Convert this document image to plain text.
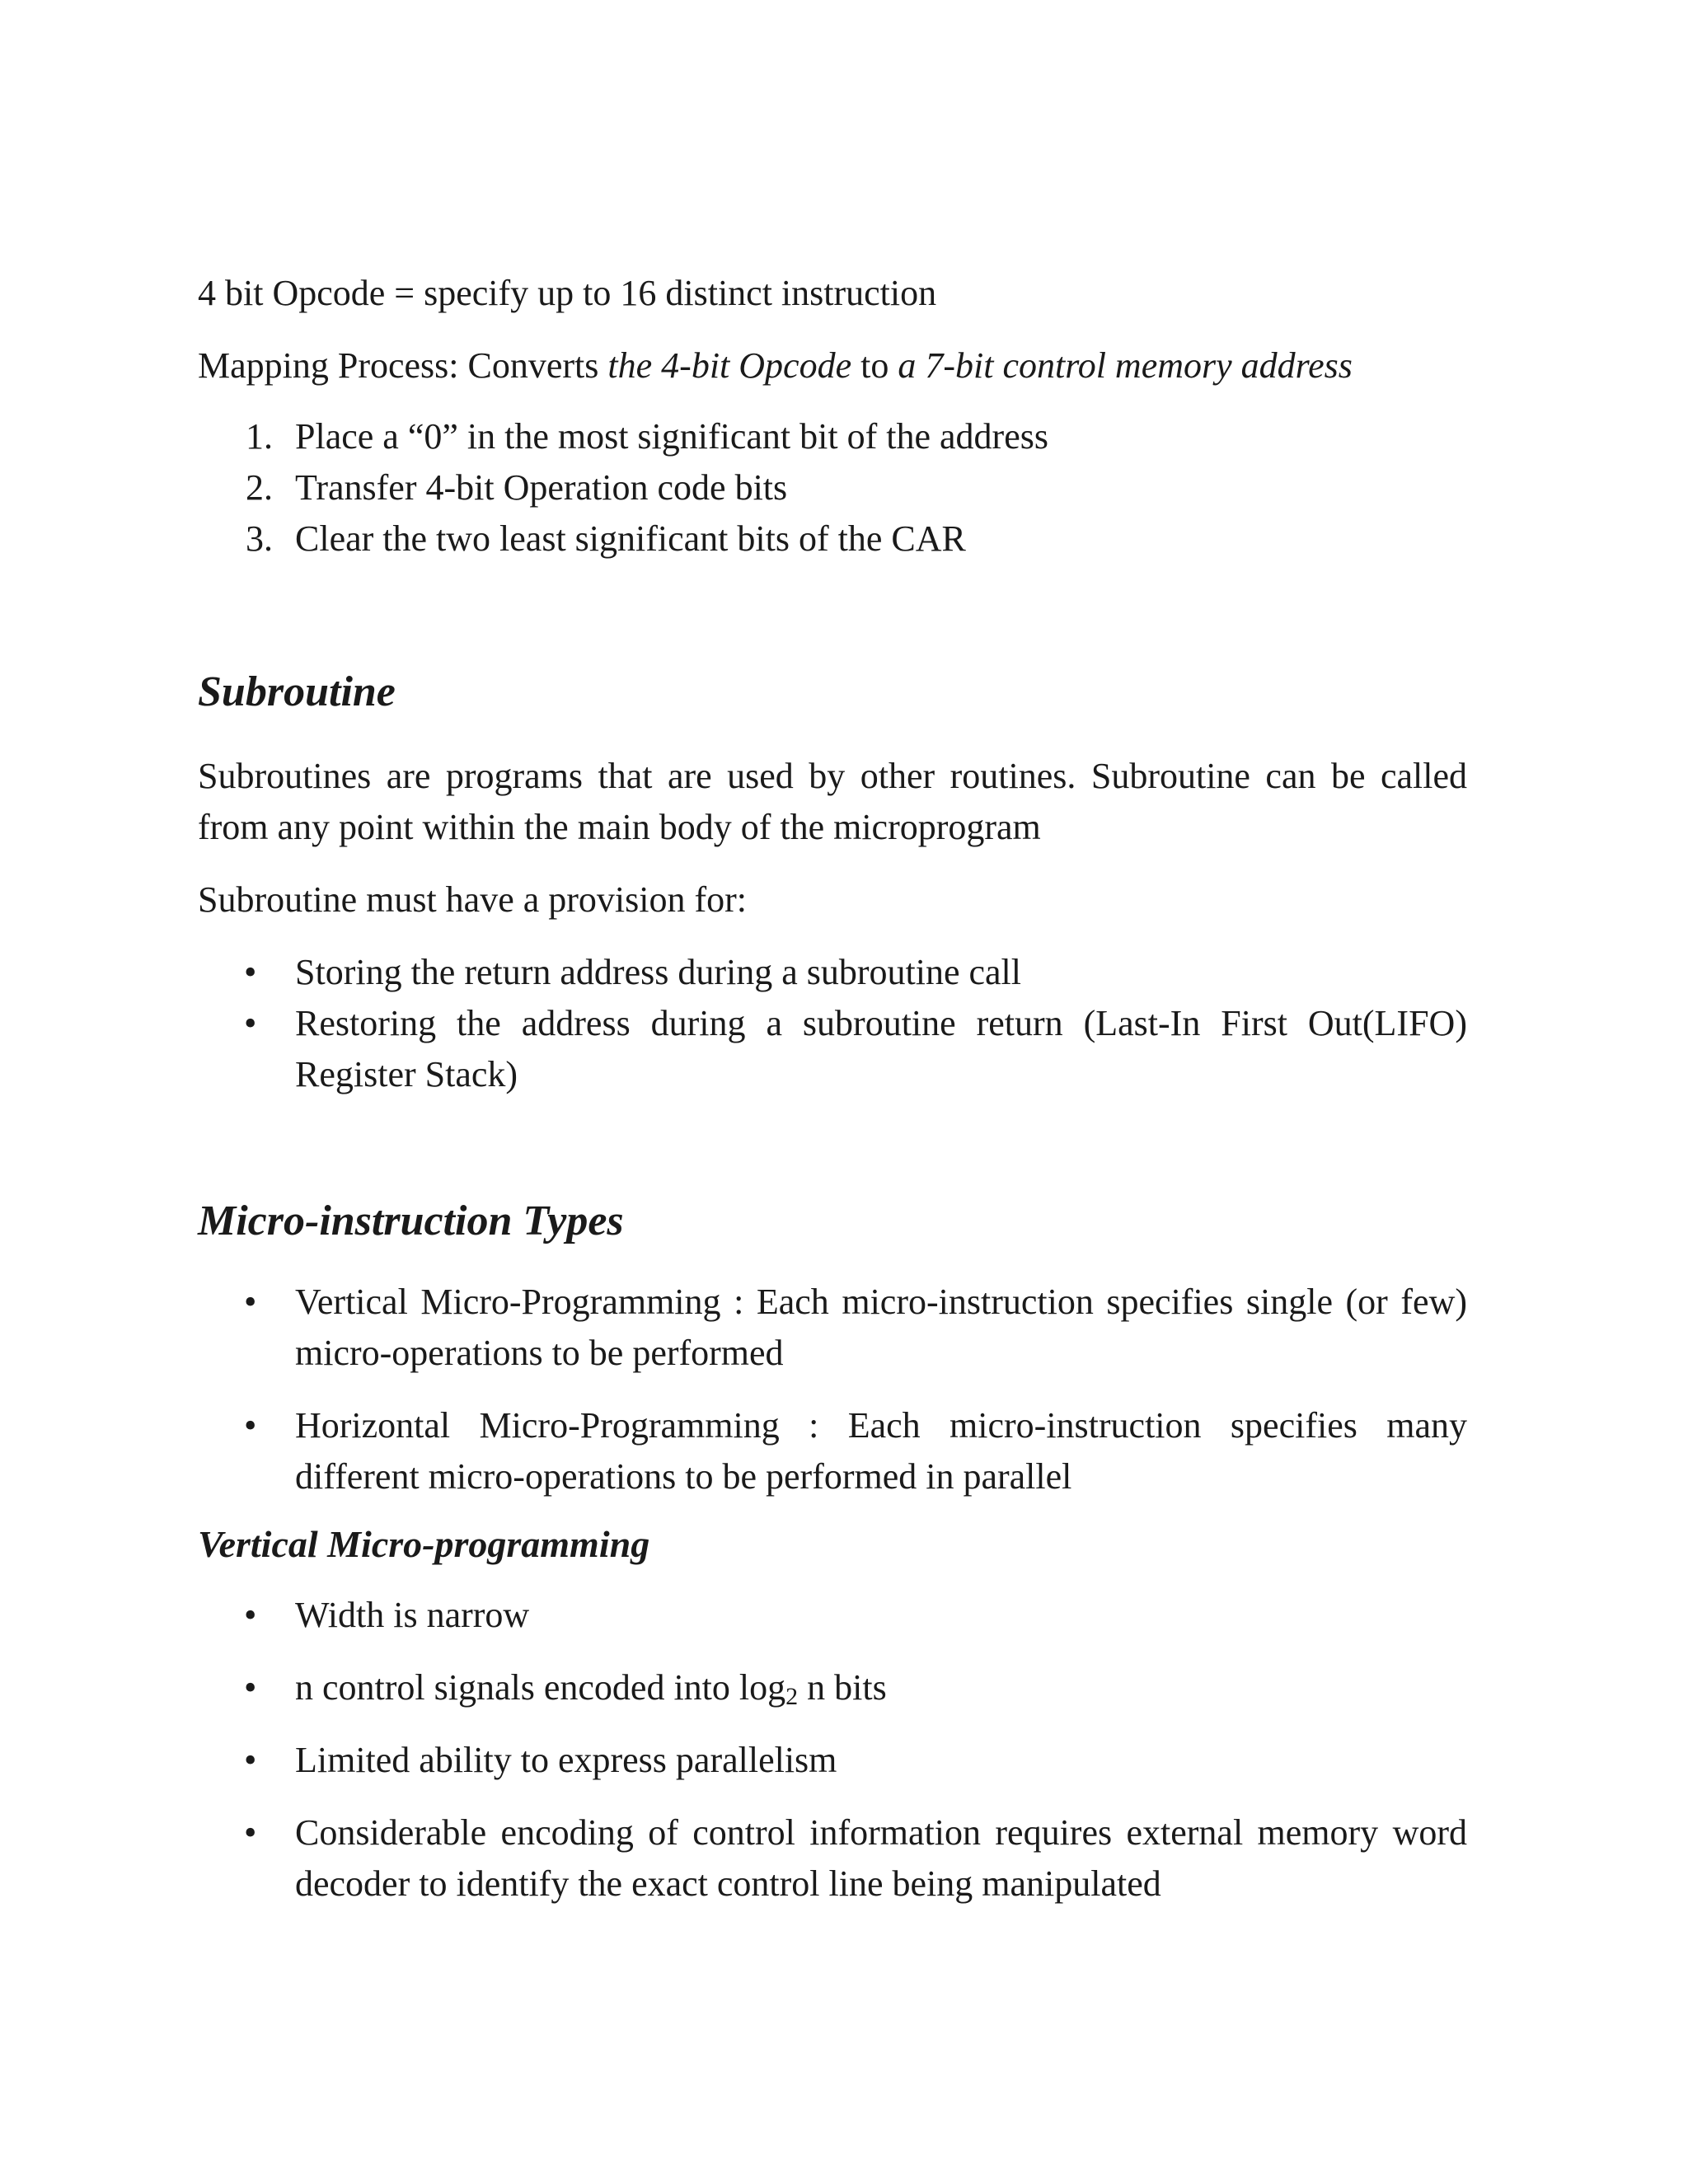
4 bit Opcode = specify up to 16 distinct instruction

Mapping Process: Converts the 4-bit Opcode to a 7-bit control memory address

1. Place a “0” in the most significant bit of the address
2. Transfer 4-bit Operation code bits
3. Clear the two least significant bits of the CAR

Subroutine

Subroutines are programs that are used by other routines. Subroutine can be called from any point within the main body of the microprogram

Subroutine must have a provision for:

• Storing the return address during a subroutine call
• Restoring the address during a subroutine return (Last-In First Out(LIFO) Register Stack)

Micro-instruction Types

• Vertical Micro-Programming : Each micro-instruction specifies single (or few) micro-operations to be performed
• Horizontal Micro-Programming : Each micro-instruction specifies many different micro-operations to be performed in parallel

Vertical Micro-programming

• Width is narrow
• n control signals encoded into $\log_2 n$ bits
• Limited ability to express parallelism
• Considerable encoding of control information requires external memory word decoder to identify the exact control line being manipulated
